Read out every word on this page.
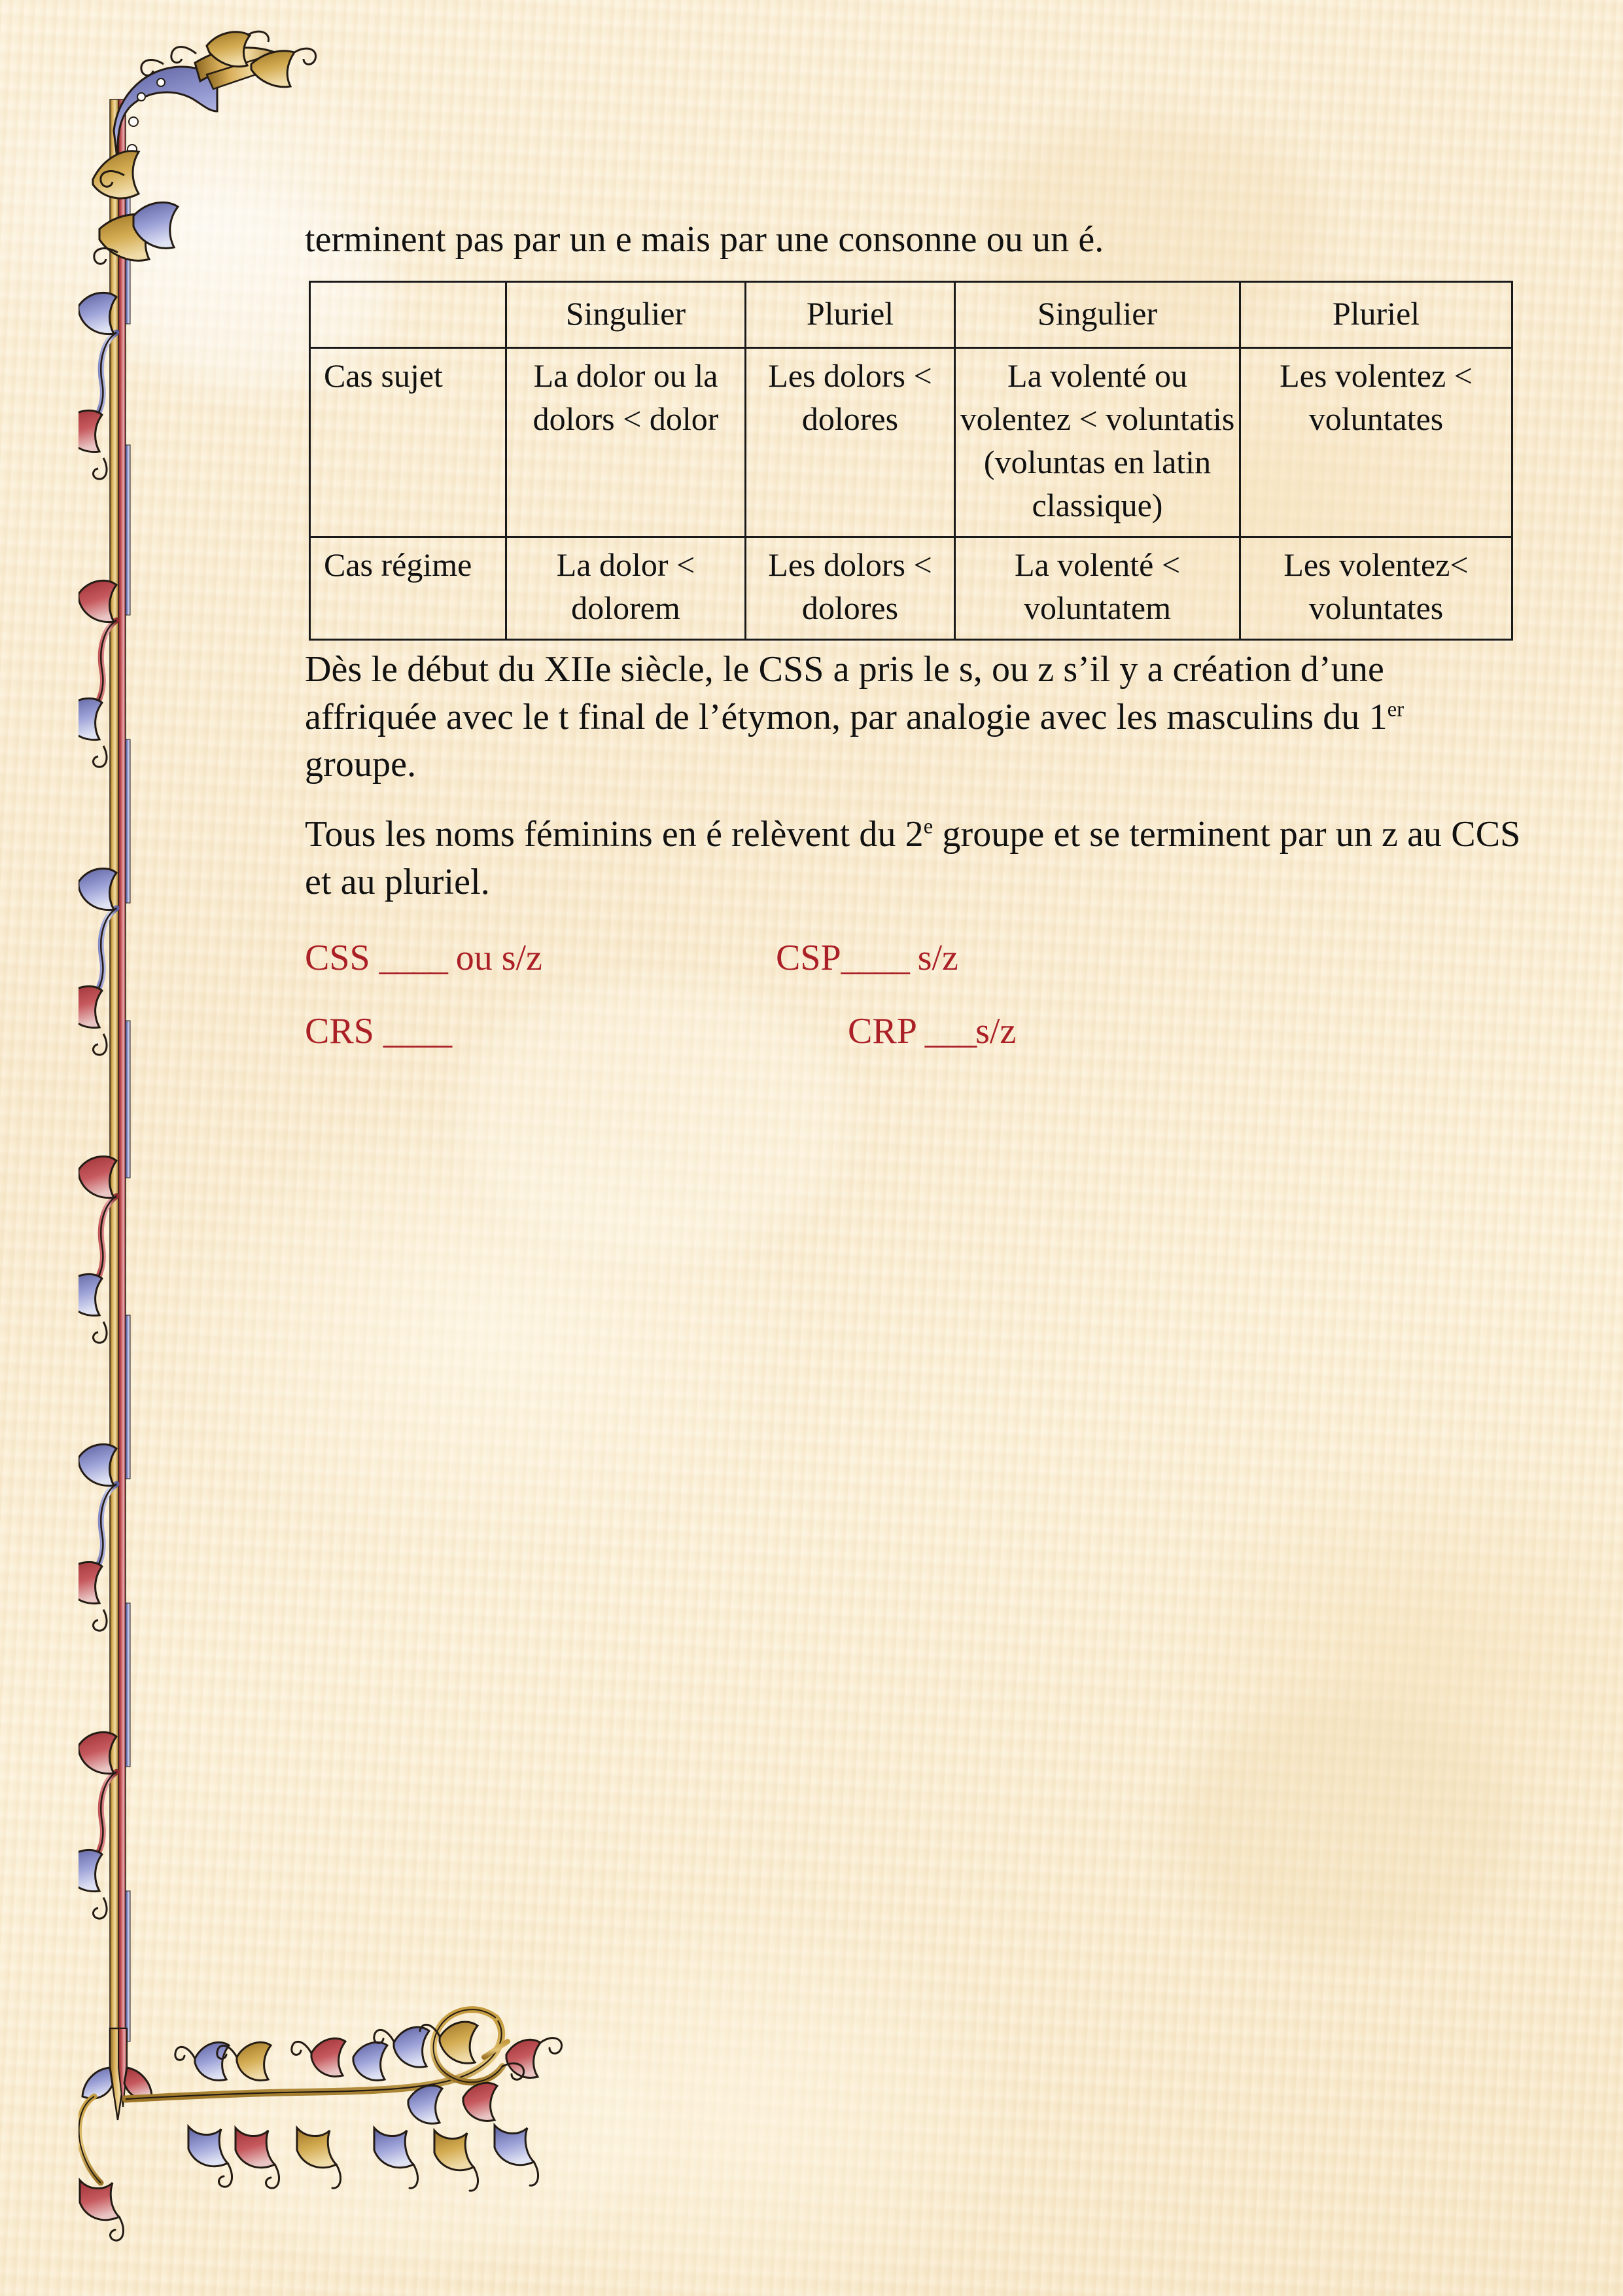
terminent pas par un e mais par une consonne ou un é.

	Singulier	Pluriel	Singulier	Pluriel
Cas sujet	La dolor ou la dolors < dolor	Les dolors < dolores	La volenté ou volentez < voluntatis (voluntas en latin classique)	Les volentez < voluntates
Cas régime	La dolor < dolorem	Les dolors < dolores	La volenté < voluntatem	Les volentez< voluntates

Dès le début du XIIe siècle, le CSS a pris le s, ou z s’il y a création d’une affriquée avec le t final de l’étymon, par analogie avec les masculins du 1er groupe.

Tous les noms féminins en é relèvent du 2e groupe et se terminent par un z au CCS et au pluriel.

CSS ____ ou s/z	CSP____ s/z
CRS ____	CRP ___s/z
